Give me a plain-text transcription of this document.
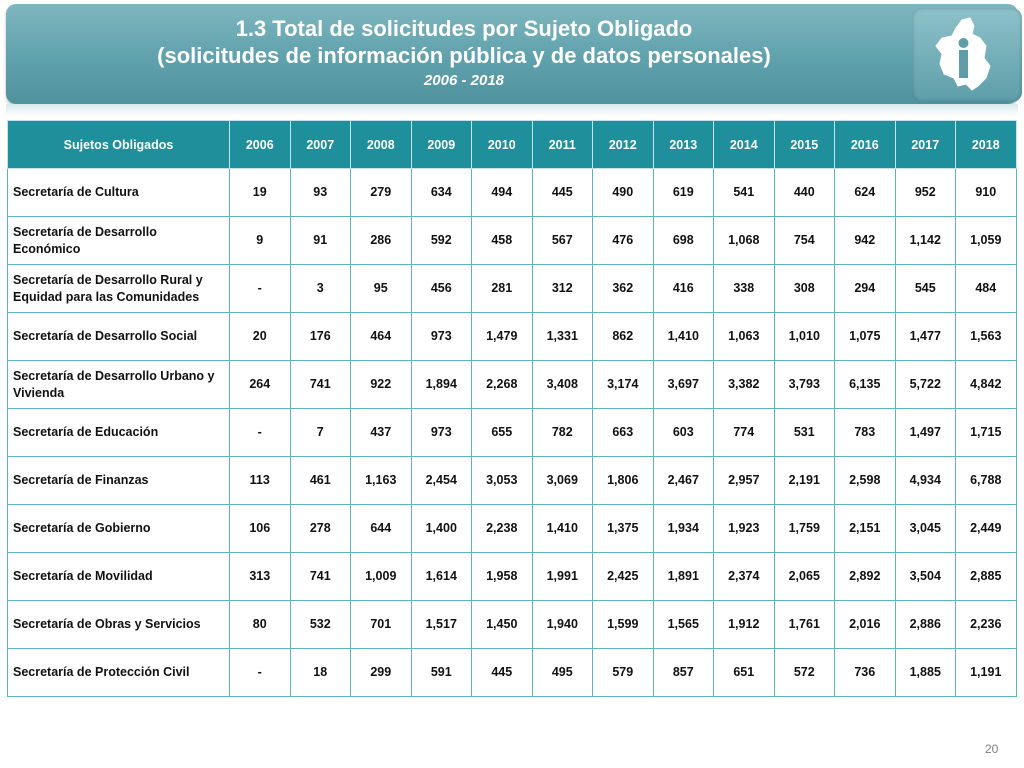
1.3 Total de solicitudes por Sujeto Obligado
(solicitudes de información pública y de datos personales)
2006 - 2018
Sujetos Obligados	2006	2007	2008	2009	2010	2011	2012	2013	2014	2015	2016	2017	2018
Secretaría de Cultura	19	93	279	634	494	445	490	619	541	440	624	952	910
Secretaría de Desarrollo Económico	9	91	286	592	458	567	476	698	1,068	754	942	1,142	1,059
Secretaría de Desarrollo Rural y Equidad para las Comunidades	-	3	95	456	281	312	362	416	338	308	294	545	484
Secretaría de Desarrollo Social	20	176	464	973	1,479	1,331	862	1,410	1,063	1,010	1,075	1,477	1,563
Secretaría de Desarrollo Urbano y Vivienda	264	741	922	1,894	2,268	3,408	3,174	3,697	3,382	3,793	6,135	5,722	4,842
Secretaría de Educación	-	7	437	973	655	782	663	603	774	531	783	1,497	1,715
Secretaría de Finanzas	113	461	1,163	2,454	3,053	3,069	1,806	2,467	2,957	2,191	2,598	4,934	6,788
Secretaría de Gobierno	106	278	644	1,400	2,238	1,410	1,375	1,934	1,923	1,759	2,151	3,045	2,449
Secretaría de Movilidad	313	741	1,009	1,614	1,958	1,991	2,425	1,891	2,374	2,065	2,892	3,504	2,885
Secretaría de Obras y Servicios	80	532	701	1,517	1,450	1,940	1,599	1,565	1,912	1,761	2,016	2,886	2,236
Secretaría de Protección Civil	-	18	299	591	445	495	579	857	651	572	736	1,885	1,191
20
